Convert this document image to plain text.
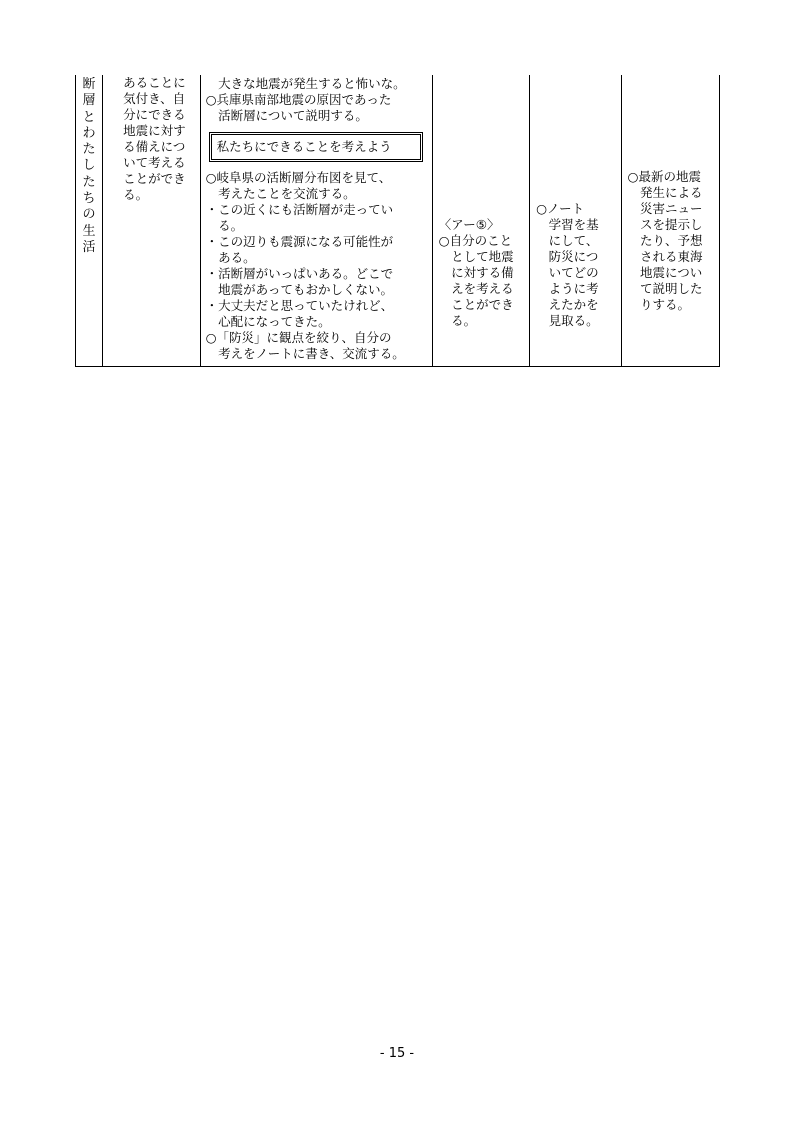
断
層
と
わ
た
し
た
ち
の
生
活

あることに
気付き、自
分にできる
地震に対す
る備えにつ
いて考える
ことができ
る。

　大きな地震が発生すると怖いな。
○兵庫県南部地震の原因であった
　活断層について説明する。
私たちにできることを考えよう
○岐阜県の活断層分布図を見て、
　考えたことを交流する。
・この近くにも活断層が走ってい
　る。
・この辺りも震源になる可能性が
　ある。
・活断層がいっぱいある。どこで
　地震があってもおかしくない。
・大丈夫だと思っていたけれど、
　心配になってきた。
○「防災」に観点を絞り、自分の
　考えをノートに書き、交流する。

〈アー⑤〉
○自分のこと
　として地震
　に対する備
　えを考える
　ことができ
　る。

○ノート
　学習を基
　にして、
　防災につ
　いてどの
　ように考
　えたかを
　見取る。

○最新の地震
　発生による
　災害ニュー
　スを提示し
　たり、予想
　される東海
　地震につい
　て説明した
　りする。
- 15 -
